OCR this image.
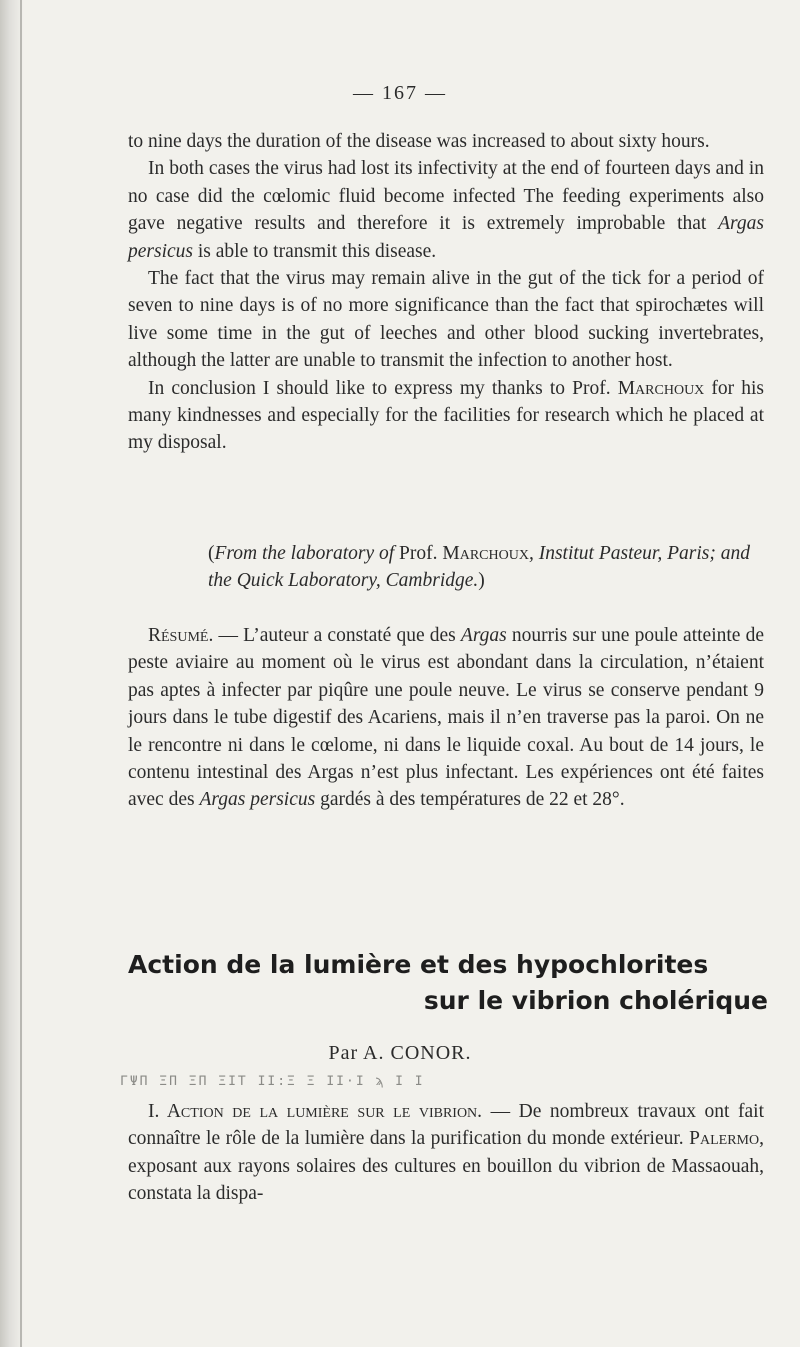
— 167 —

to nine days the duration of the disease was increased to about sixty hours.

In both cases the virus had lost its infectivity at the end of fourteen days and in no case did the cœlomic fluid become infected The feeding experiments also gave negative results and therefore it is extremely improbable that Argas persicus is able to transmit this disease.

The fact that the virus may remain alive in the gut of the tick for a period of seven to nine days is of no more significance than the fact that spirochætes will live some time in the gut of leeches and other blood sucking invertebrates, although the latter are unable to transmit the infection to another host.

In conclusion I should like to express my thanks to Prof. Marchoux for his many kindnesses and especially for the facilities for research which he placed at my disposal.

(From the laboratory of Prof. Marchoux, Institut Pasteur, Paris; and the Quick Laboratory, Cambridge.)

Résumé. — L’auteur a constaté que des Argas nourris sur une poule atteinte de peste aviaire au moment où le virus est abondant dans la circulation, n’étaient pas aptes à infecter par piqûre une poule neuve. Le virus se conserve pendant 9 jours dans le tube digestif des Acariens, mais il n’en traverse pas la paroi. On ne le rencontre ni dans le cœlome, ni dans le liquide coxal. Au bout de 14 jours, le contenu intestinal des Argas n’est plus infectant. Les expériences ont été faites avec des Argas persicus gardés à des températures de 22 et 28°.

Action de la lumière et des hypochlorites
sur le vibrion cholérique
Par A. CONOR.
ΓΨΠ ΞΠ ΞΠ ΞΙΤ ΙΙ:Ξ Ξ ΙΙ·Ι ϡ Ι Ι

I. Action de la lumière sur le vibrion. — De nombreux travaux ont fait connaître le rôle de la lumière dans la purification du monde extérieur. Palermo, exposant aux rayons solaires des cultures en bouillon du vibrion de Massaouah, constata la dispa-
